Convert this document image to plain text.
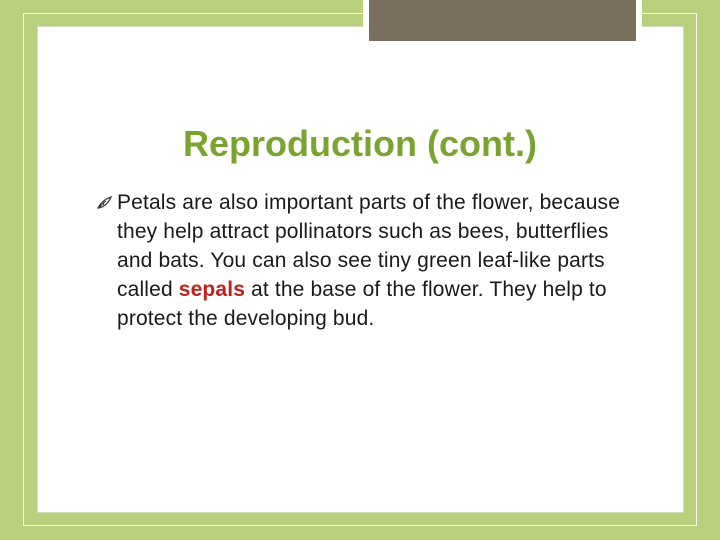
Reproduction (cont.)
Petals are also important parts of the flower, because they help attract pollinators such as bees, butterflies and bats. You can also see tiny green leaf-like parts called sepals at the base of the flower. They help to protect the developing bud.
